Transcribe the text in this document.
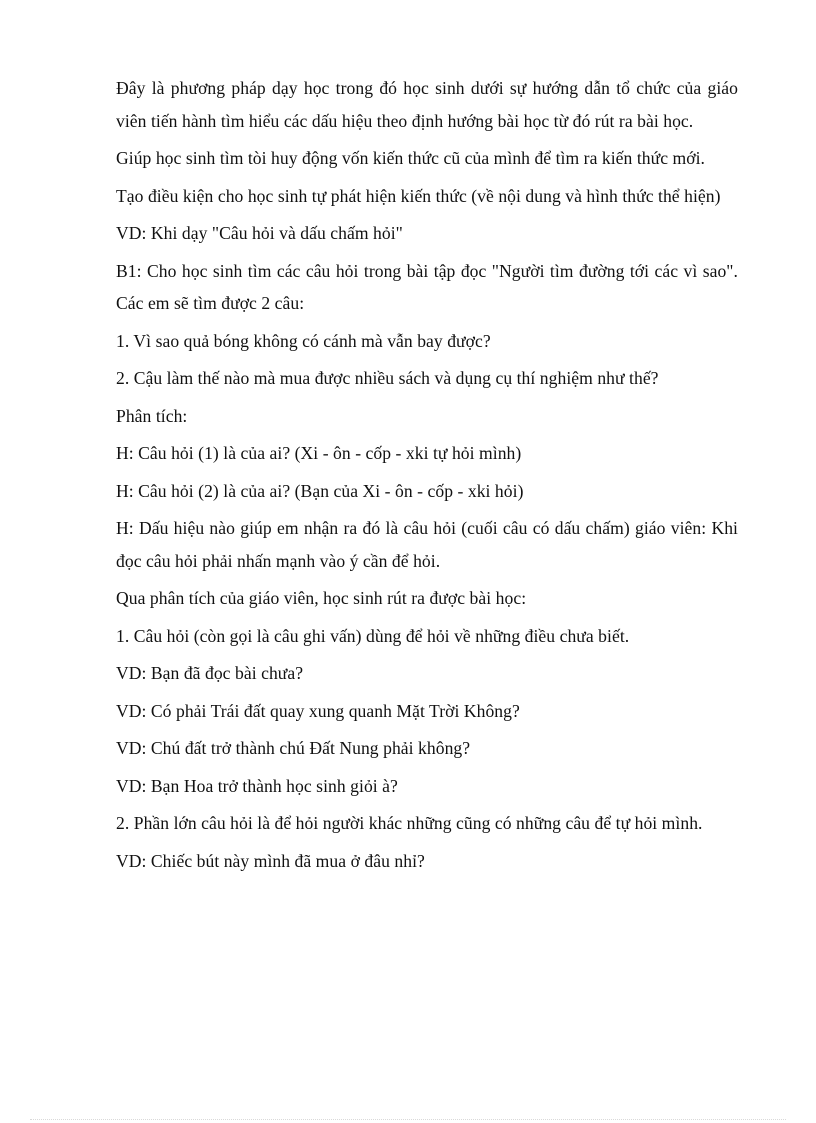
Đây là phương pháp dạy học trong đó học sinh dưới sự hướng dẫn tổ chức của giáo viên tiến hành tìm hiểu các dấu hiệu theo định hướng bài học từ đó rút ra bài học.

Giúp học sinh tìm tòi huy động vốn kiến thức cũ của mình để tìm ra kiến thức mới.

Tạo điều kiện cho học sinh tự phát hiện kiến thức (về nội dung và hình thức thể hiện)

VD: Khi dạy "Câu hỏi và dấu chấm hỏi"

B1: Cho học sinh tìm các câu hỏi trong bài tập đọc "Người tìm đường tới các vì sao". Các em sẽ tìm được 2 câu:

1. Vì sao quả bóng không có cánh mà vẫn bay được?

2. Cậu làm thế nào mà mua được nhiều sách và dụng cụ thí nghiệm như thế?

Phân tích:

H: Câu hỏi (1) là của ai? (Xi - ôn - cốp - xki tự hỏi mình)

H: Câu hỏi (2) là của ai? (Bạn của Xi - ôn - cốp - xki hỏi)

H: Dấu hiệu nào giúp em nhận ra đó là câu hỏi (cuối câu có dấu chấm) giáo viên: Khi đọc câu hỏi phải nhấn mạnh vào ý cần để hỏi.

Qua phân tích của giáo viên, học sinh rút ra được bài học:

1. Câu hỏi (còn gọi là câu ghi vấn) dùng để hỏi về những điều chưa biết.

VD: Bạn đã đọc bài chưa?

VD: Có phải Trái đất quay xung quanh Mặt Trời Không?

VD: Chú đất trở thành chú Đất Nung phải không?

VD: Bạn Hoa trở thành học sinh giỏi à?

2. Phần lớn câu hỏi là để hỏi người khác những cũng có những câu để tự hỏi mình.

VD: Chiếc bút này mình đã mua ở đâu nhỉ?
